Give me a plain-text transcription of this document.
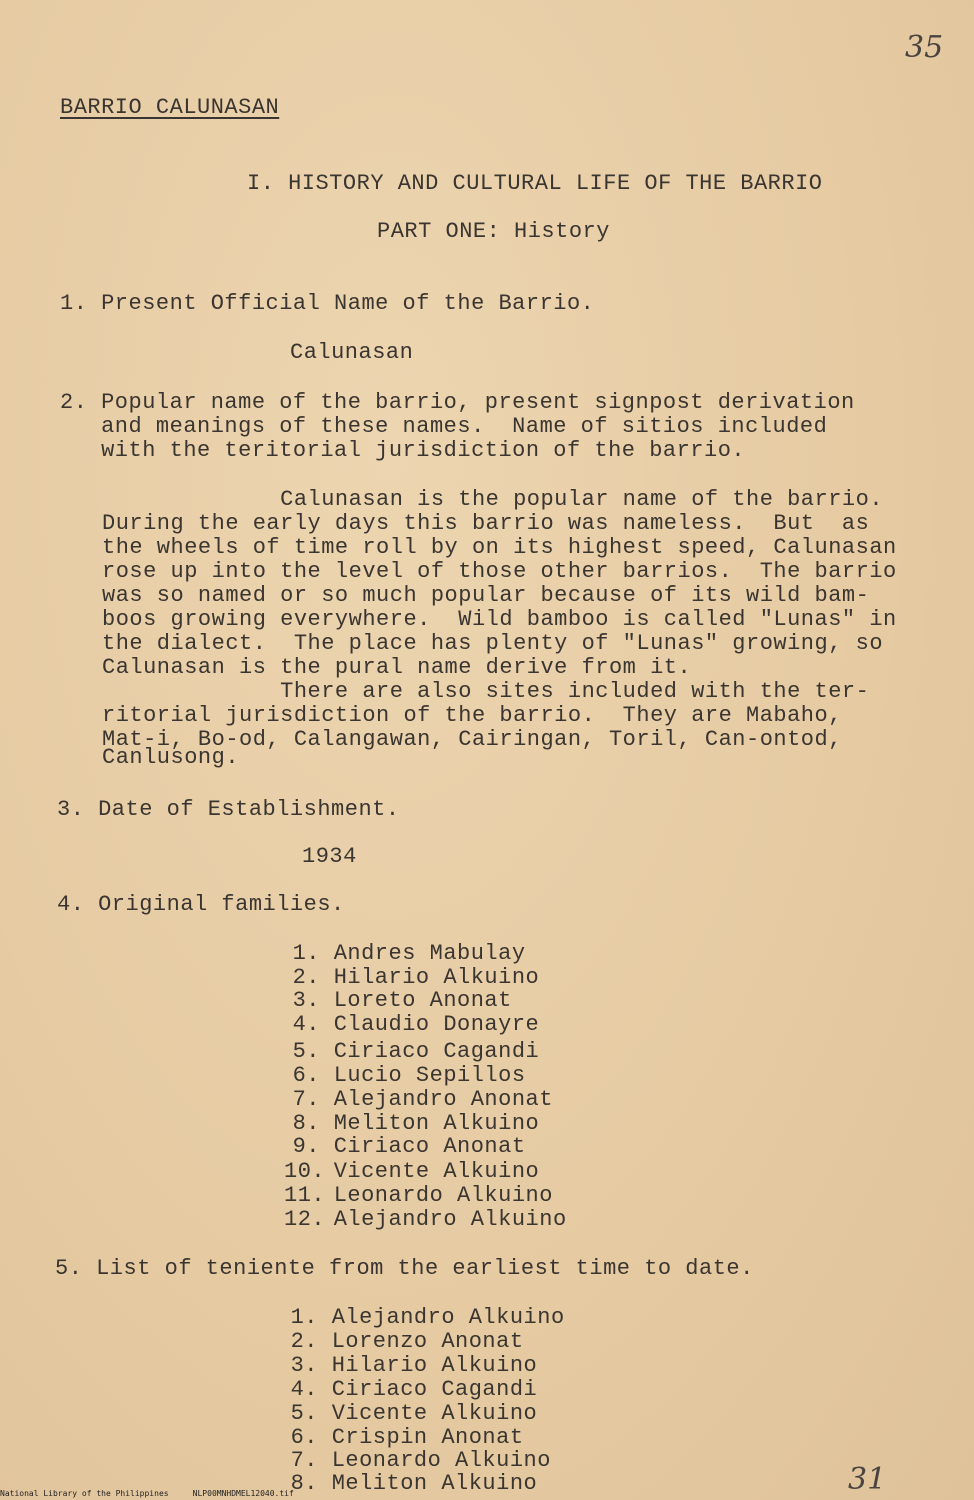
35
BARRIO CALUNASAN
I. HISTORY AND CULTURAL LIFE OF THE BARRIO
PART ONE: History
1. Present Official Name of the Barrio.
Calunasan
2. Popular name of the barrio, present signpost derivation
and meanings of these names.  Name of sitios included
with the teritorial jurisdiction of the barrio.
Calunasan is the popular name of the barrio.
During the early days this barrio was nameless.  But  as
the wheels of time roll by on its highest speed, Calunasan
rose up into the level of those other barrios.  The barrio
was so named or so much popular because of its wild bam-
boos growing everywhere.  Wild bamboo is called "Lunas" in
the dialect.  The place has plenty of "Lunas" growing, so
Calunasan is the pural name derive from it.
There are also sites included with the ter-
ritorial jurisdiction of the barrio.  They are Mabaho,
Mat-i, Bo-od, Calangawan, Cairingan, Toril, Can-ontod,
Canlusong.
3. Date of Establishment.
1934
4. Original families.
1. Andres Mabulay
2. Hilario Alkuino
3. Loreto Anonat
4. Claudio Donayre
5. Ciriaco Cagandi
6. Lucio Sepillos
7. Alejandro Anonat
8. Meliton Alkuino
9. Ciriaco Anonat
10. Vicente Alkuino
11. Leonardo Alkuino
12. Alejandro Alkuino
5. List of teniente from the earliest time to date.
1. Alejandro Alkuino
2. Lorenzo Anonat
3. Hilario Alkuino
4. Ciriaco Cagandi
5. Vicente Alkuino
6. Crispin Anonat
7. Leonardo Alkuino
8. Meliton Alkuino	31
National Library of the Philippines	NLP00MNHDMEL12040.tif
